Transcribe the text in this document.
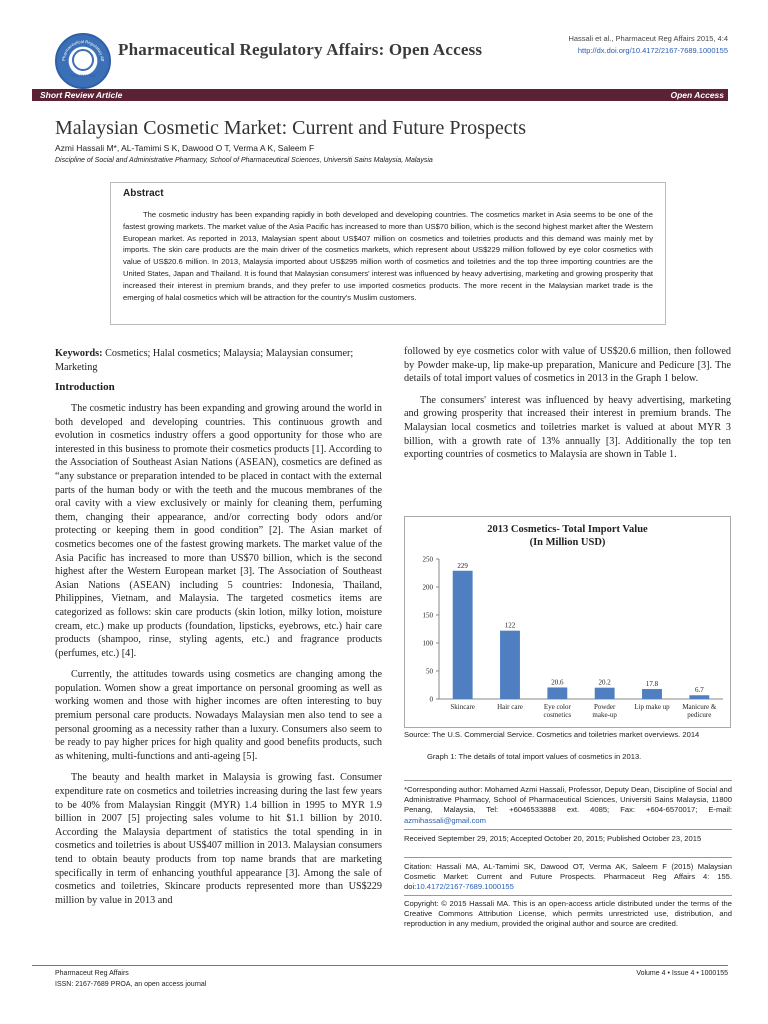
Pharmaceutical Regulatory Aff
ISSN: 2167-7689
Pharmaceutical Regulatory Affairs: Open Access
Hassali et al., Pharmaceut Reg Affairs 2015, 4:4
http://dx.doi.org/10.4172/2167-7689.1000155
Short Review Article	Open Access
Malaysian Cosmetic Market: Current and Future Prospects
Azmi Hassali M*, AL-Tamimi S K, Dawood O T, Verma A K, Saleem F
Discipline of Social and Administrative Pharmacy, School of Pharmaceutical Sciences, Universiti Sains Malaysia, Malaysia
Abstract
The cosmetic industry has been expanding rapidly in both developed and developing countries. The cosmetics market in Asia seems to be one of the fastest growing markets. The market value of the Asia Pacific has increased to more than US$70 billion, which is the second highest market after the Western European market. As reported in 2013, Malaysian spent about US$407 million on cosmetics and toiletries products and this demand was mainly met by imports. The skin care products are the main driver of the cosmetics markets, which represent about US$229 million followed by eye color cosmetics with value of US$20.6 million. In 2013, Malaysia imported about US$295 million worth of cosmetics and toiletries and the top three importing countries are the United States, Japan and Thailand. It is found that Malaysian consumers' interest was influenced by heavy advertising, marketing and growing prosperity that increased their interest in premium brands, and they prefer to use imported cosmetics products. The more recent in the Malaysian market trade is the emerging of halal cosmetics which will be attraction for the country's Muslim customers.
Keywords: Cosmetics; Halal cosmetics; Malaysia; Malaysian consumer; Marketing
Introduction

The cosmetic industry has been expanding and growing around the world in both developed and developing countries. This continuous growth and evolution in cosmetics industry offers a good opportunity for those who are interested in this business to promote their cosmetics products [1]. According to the Association of Southeast Asian Nations (ASEAN), cosmetics are defined as “any substance or preparation intended to be placed in contact with the external parts of the human body or with the teeth and the mucous membranes of the oral cavity with a view exclusively or mainly for cleaning them, perfuming them, changing their appearance, and/or correcting body odors and/or protecting or keeping them in good condition” [2]. The Asian market of cosmetics becomes one of the fastest growing markets. The market value of the Asia Pacific has increased to more than US$70 billion, which is the second highest after the Western European market [3]. The Association of Southeast Asian Nations (ASEAN) including 5 countries: Indonesia, Thailand, Philippines, Vietnam, and Malaysia. The targeted cosmetics items are categorized as follows: skin care products (skin lotion, milky lotion, moisture cream, etc.) make up products (foundation, lipsticks, eyebrows, etc.) hair care products (shampoo, rinse, styling agents, etc.) and fragrance products (perfumes, etc.) [4].

Currently, the attitudes towards using cosmetics are changing among the population. Women show a great importance on personal grooming as well as working women and those with higher incomes are often interesting to buy premium personal care products. Nowadays Malaysian men also tend to see a personal grooming as a necessity rather than a luxury. Consumers also seem to be ready to pay higher prices for high quality and good benefits products, such as whitening, multi-functions and anti-ageing [5].

The beauty and health market in Malaysia is growing fast. Consumer expenditure rate on cosmetics and toiletries increasing during the last few years to be 40% from Malaysian Ringgit (MYR) 1.4 billion in 1995 to MYR 1.9 billion in 2007 [5] projecting sales volume to hit $1.1 billion by 2010. According the Malaysia department of statistics the total spending in in cosmetics and toiletries is about US$407 million in 2013. Malaysian consumers tend to obtain beauty products from top name brands that are marketing specifically in term of enhancing youthful appearance [3]. Among the sale of cosmetics and toiletries, Skincare products represented more than US$229 million by value in 2013 and

followed by eye cosmetics color with value of US$20.6 million, then followed by Powder make-up, lip make-up preparation, Manicure and Pedicure [3]. The details of total import values of cosmetics in 2013 in the Graph 1 below.

The consumers' interest was influenced by heavy advertising, marketing and growing prosperity that increased their interest in premium brands. The Malaysian local cosmetics and toiletries market is valued at about MYR 3 billion, with a growth rate of 13% annually [3]. Additionally the top ten exporting countries of cosmetics to Malaysia are shown in Table 1.

2013 Cosmetics- Total Import Value
(In Million USD)
0
50
100
150
200
250
229
Skincare
122
Hair care
20.6
Eye color
cosmetics
20.2
Powder
make-up
17.8
Lip make up
6.7
Manicure &
pedicure
Source: The U.S. Commercial Service. Cosmetics and toiletries market overviews. 2014
Graph 1: The details of total import values of cosmetics in 2013.
*Corresponding author: Mohamed Azmi Hassali, Professor, Deputy Dean, Discipline of Social and Administrative Pharmacy, School of Pharmaceutical Sciences, Universiti Sains Malaysia, 11800 Penang, Malaysia, Tel: +6046533888 ext. 4085; Fax: +604-6570017; E-mail: azmihassali@gmail.com
Received September 29, 2015; Accepted October 20, 2015; Published October 23, 2015
Citation: Hassali MA, AL-Tamimi SK, Dawood OT, Verma AK, Saleem F (2015) Malaysian Cosmetic Market: Current and Future Prospects. Pharmaceut Reg Affairs 4: 155. doi:10.4172/2167-7689.1000155
Copyright: © 2015 Hassali MA. This is an open-access article distributed under the terms of the Creative Commons Attribution License, which permits unrestricted use, distribution, and reproduction in any medium, provided the original author and source are credited.
Pharmaceut Reg Affairs
ISSN: 2167-7689 PROA, an open access journal
Volume 4 • Issue 4 • 1000155
